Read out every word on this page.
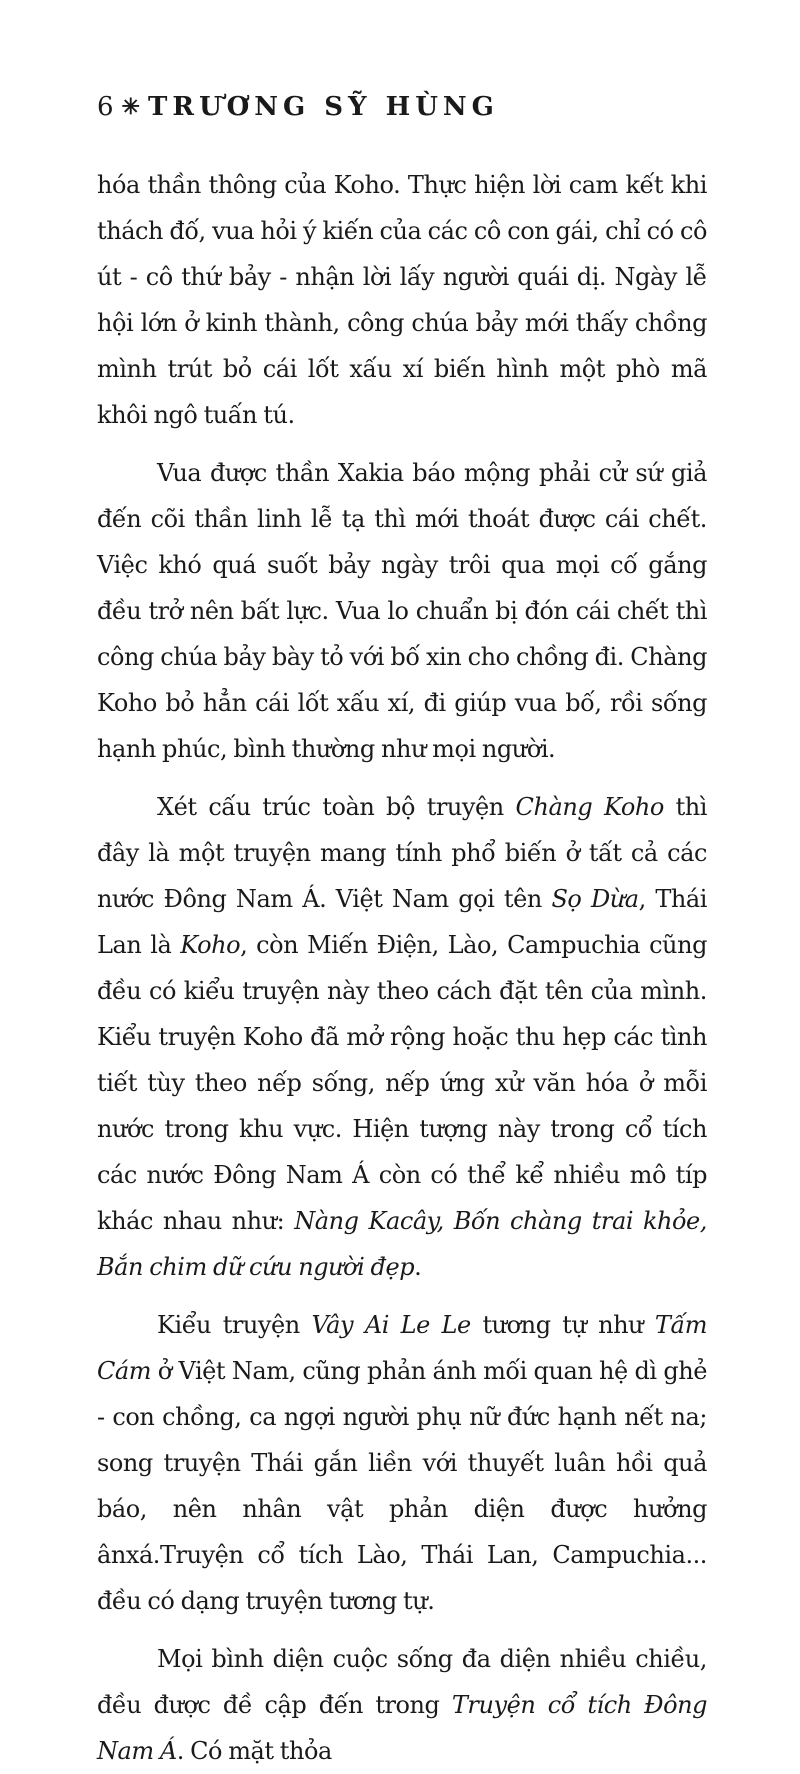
6 ✳ TRƯƠNG SỸ HÙNG

hóa thần thông của Koho. Thực hiện lời cam kết khi thách đố, vua hỏi ý kiến của các cô con gái, chỉ có cô út - cô thứ bảy - nhận lời lấy người quái dị. Ngày lễ hội lớn ở kinh thành, công chúa bảy mới thấy chồng mình trút bỏ cái lốt xấu xí biến hình một phò mã khôi ngô tuấn tú.

Vua được thần Xakia báo mộng phải cử sứ giả đến cõi thần linh lễ tạ thì mới thoát được cái chết. Việc khó quá suốt bảy ngày trôi qua mọi cố gắng đều trở nên bất lực. Vua lo chuẩn bị đón cái chết thì công chúa bảy bày tỏ với bố xin cho chồng đi. Chàng Koho bỏ hẳn cái lốt xấu xí, đi giúp vua bố, rồi sống hạnh phúc, bình thường như mọi người.

Xét cấu trúc toàn bộ truyện Chàng Koho thì đây là một truyện mang tính phổ biến ở tất cả các nước Đông Nam Á. Việt Nam gọi tên Sọ Dừa, Thái Lan là Koho, còn Miến Điện, Lào, Campuchia cũng đều có kiểu truyện này theo cách đặt tên của mình. Kiểu truyện Koho đã mở rộng hoặc thu hẹp các tình tiết tùy theo nếp sống, nếp ứng xử văn hóa ở mỗi nước trong khu vực. Hiện tượng này trong cổ tích các nước Đông Nam Á còn có thể kể nhiều mô típ khác nhau như: Nàng Kacây, Bốn chàng trai khỏe, Bắn chim dữ cứu người đẹp.

Kiểu truyện Vây Ai Le Le tương tự như Tấm Cám ở Việt Nam, cũng phản ánh mối quan hệ dì ghẻ - con chồng, ca ngợi người phụ nữ đức hạnh nết na; song truyện Thái gắn liền với thuyết luân hồi quả báo, nên nhân vật phản diện được hưởng ânxá.Truyện cổ tích Lào, Thái Lan, Campuchia... đều có dạng truyện tương tự.

Mọi bình diện cuộc sống đa diện nhiều chiều, đều được đề cập đến trong Truyện cổ tích Đông Nam Á. Có mặt thỏa
